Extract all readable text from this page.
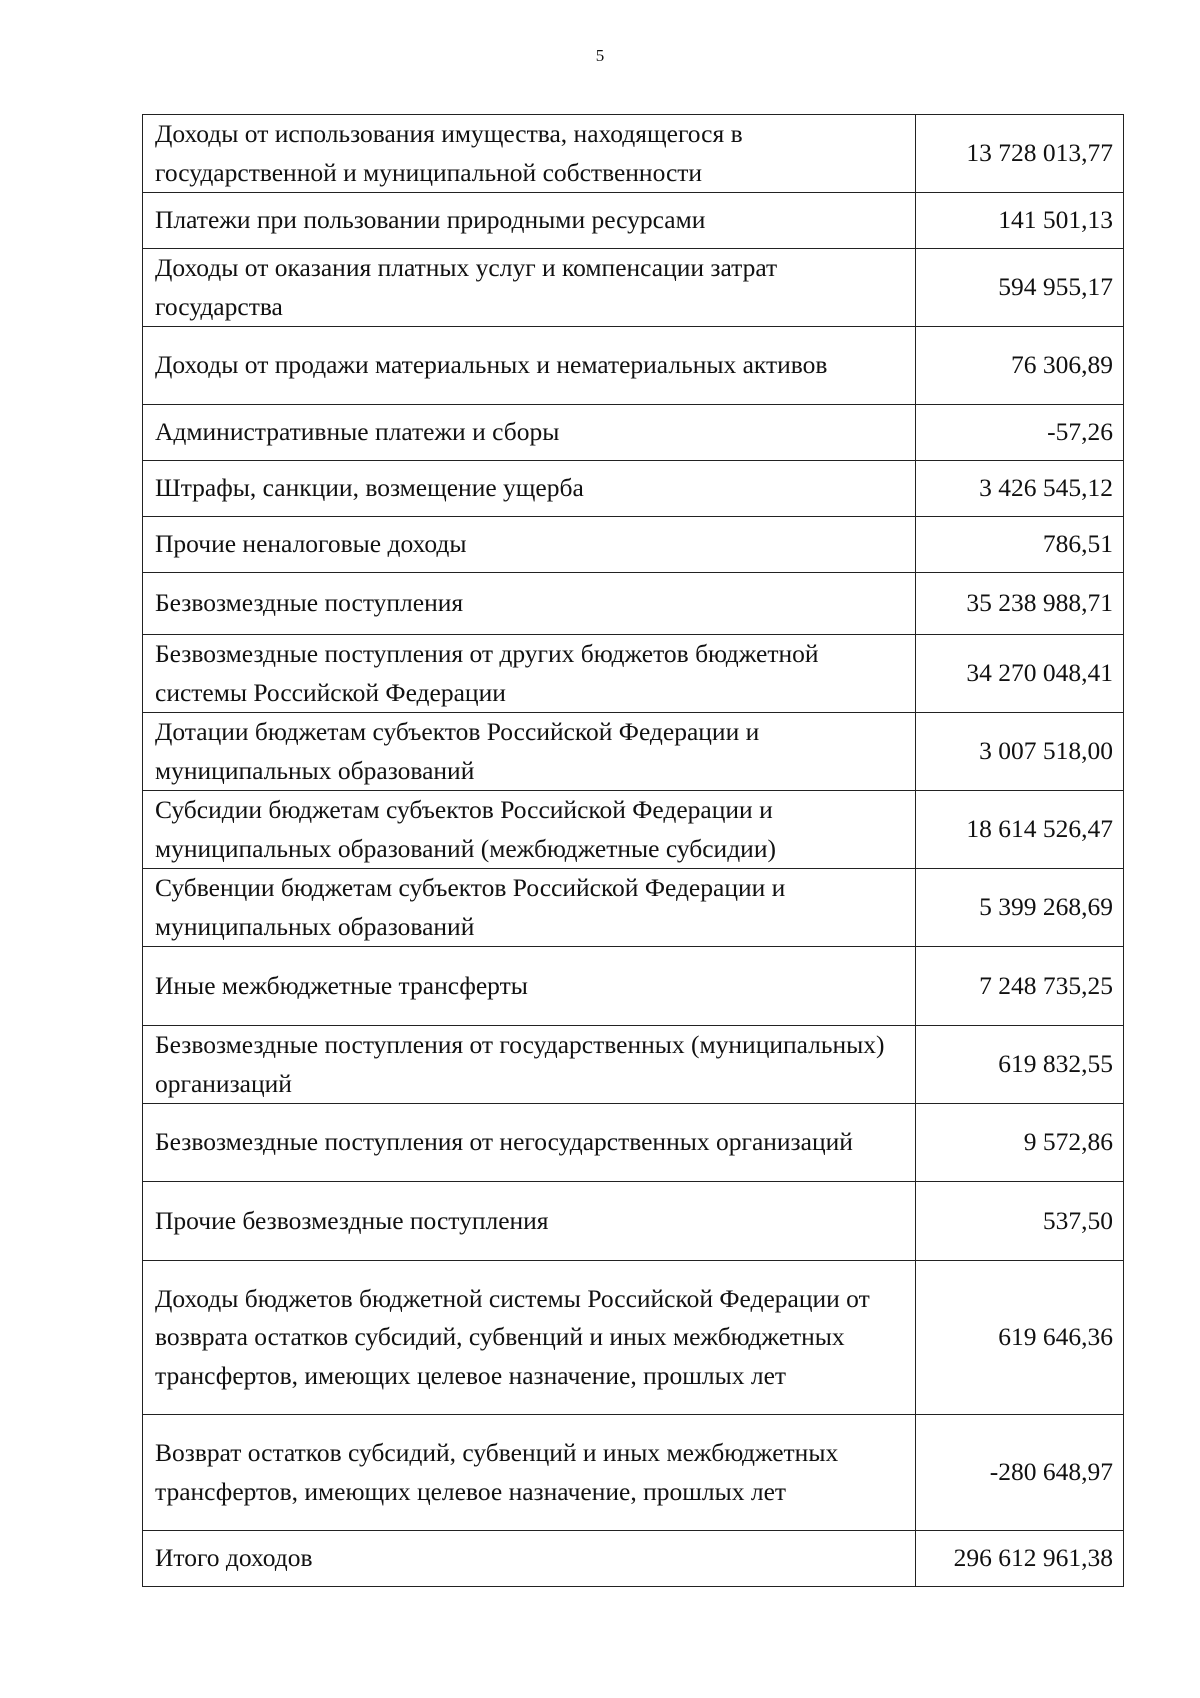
5
Доходы от использования имущества, находящегося в государственной и муниципальной собственности	13 728 013,77
Платежи при пользовании природными ресурсами	141 501,13
Доходы от оказания платных услуг и компенсации затрат государства	594 955,17
Доходы от продажи материальных и нематериальных активов	76 306,89
Административные платежи и сборы	-57,26
Штрафы, санкции, возмещение ущерба	3 426 545,12
Прочие неналоговые доходы	786,51
Безвозмездные поступления	35 238 988,71
Безвозмездные поступления от других бюджетов бюджетной системы Российской Федерации	34 270 048,41
Дотации бюджетам субъектов Российской Федерации и муниципальных образований	3 007 518,00
Субсидии бюджетам субъектов Российской Федерации и муниципальных образований (межбюджетные субсидии)	18 614 526,47
Субвенции бюджетам субъектов Российской Федерации и муниципальных образований	5 399 268,69
Иные межбюджетные трансферты	7 248 735,25
Безвозмездные поступления от государственных (муниципальных) организаций	619 832,55
Безвозмездные поступления от негосударственных организаций	9 572,86
Прочие безвозмездные поступления	537,50
Доходы бюджетов бюджетной системы Российской Федерации от возврата остатков субсидий, субвенций и иных межбюджетных трансфертов, имеющих целевое назначение, прошлых лет	619 646,36
Возврат остатков субсидий, субвенций и иных межбюджетных трансфертов, имеющих целевое назначение, прошлых лет	-280 648,97
Итого доходов	296 612 961,38
